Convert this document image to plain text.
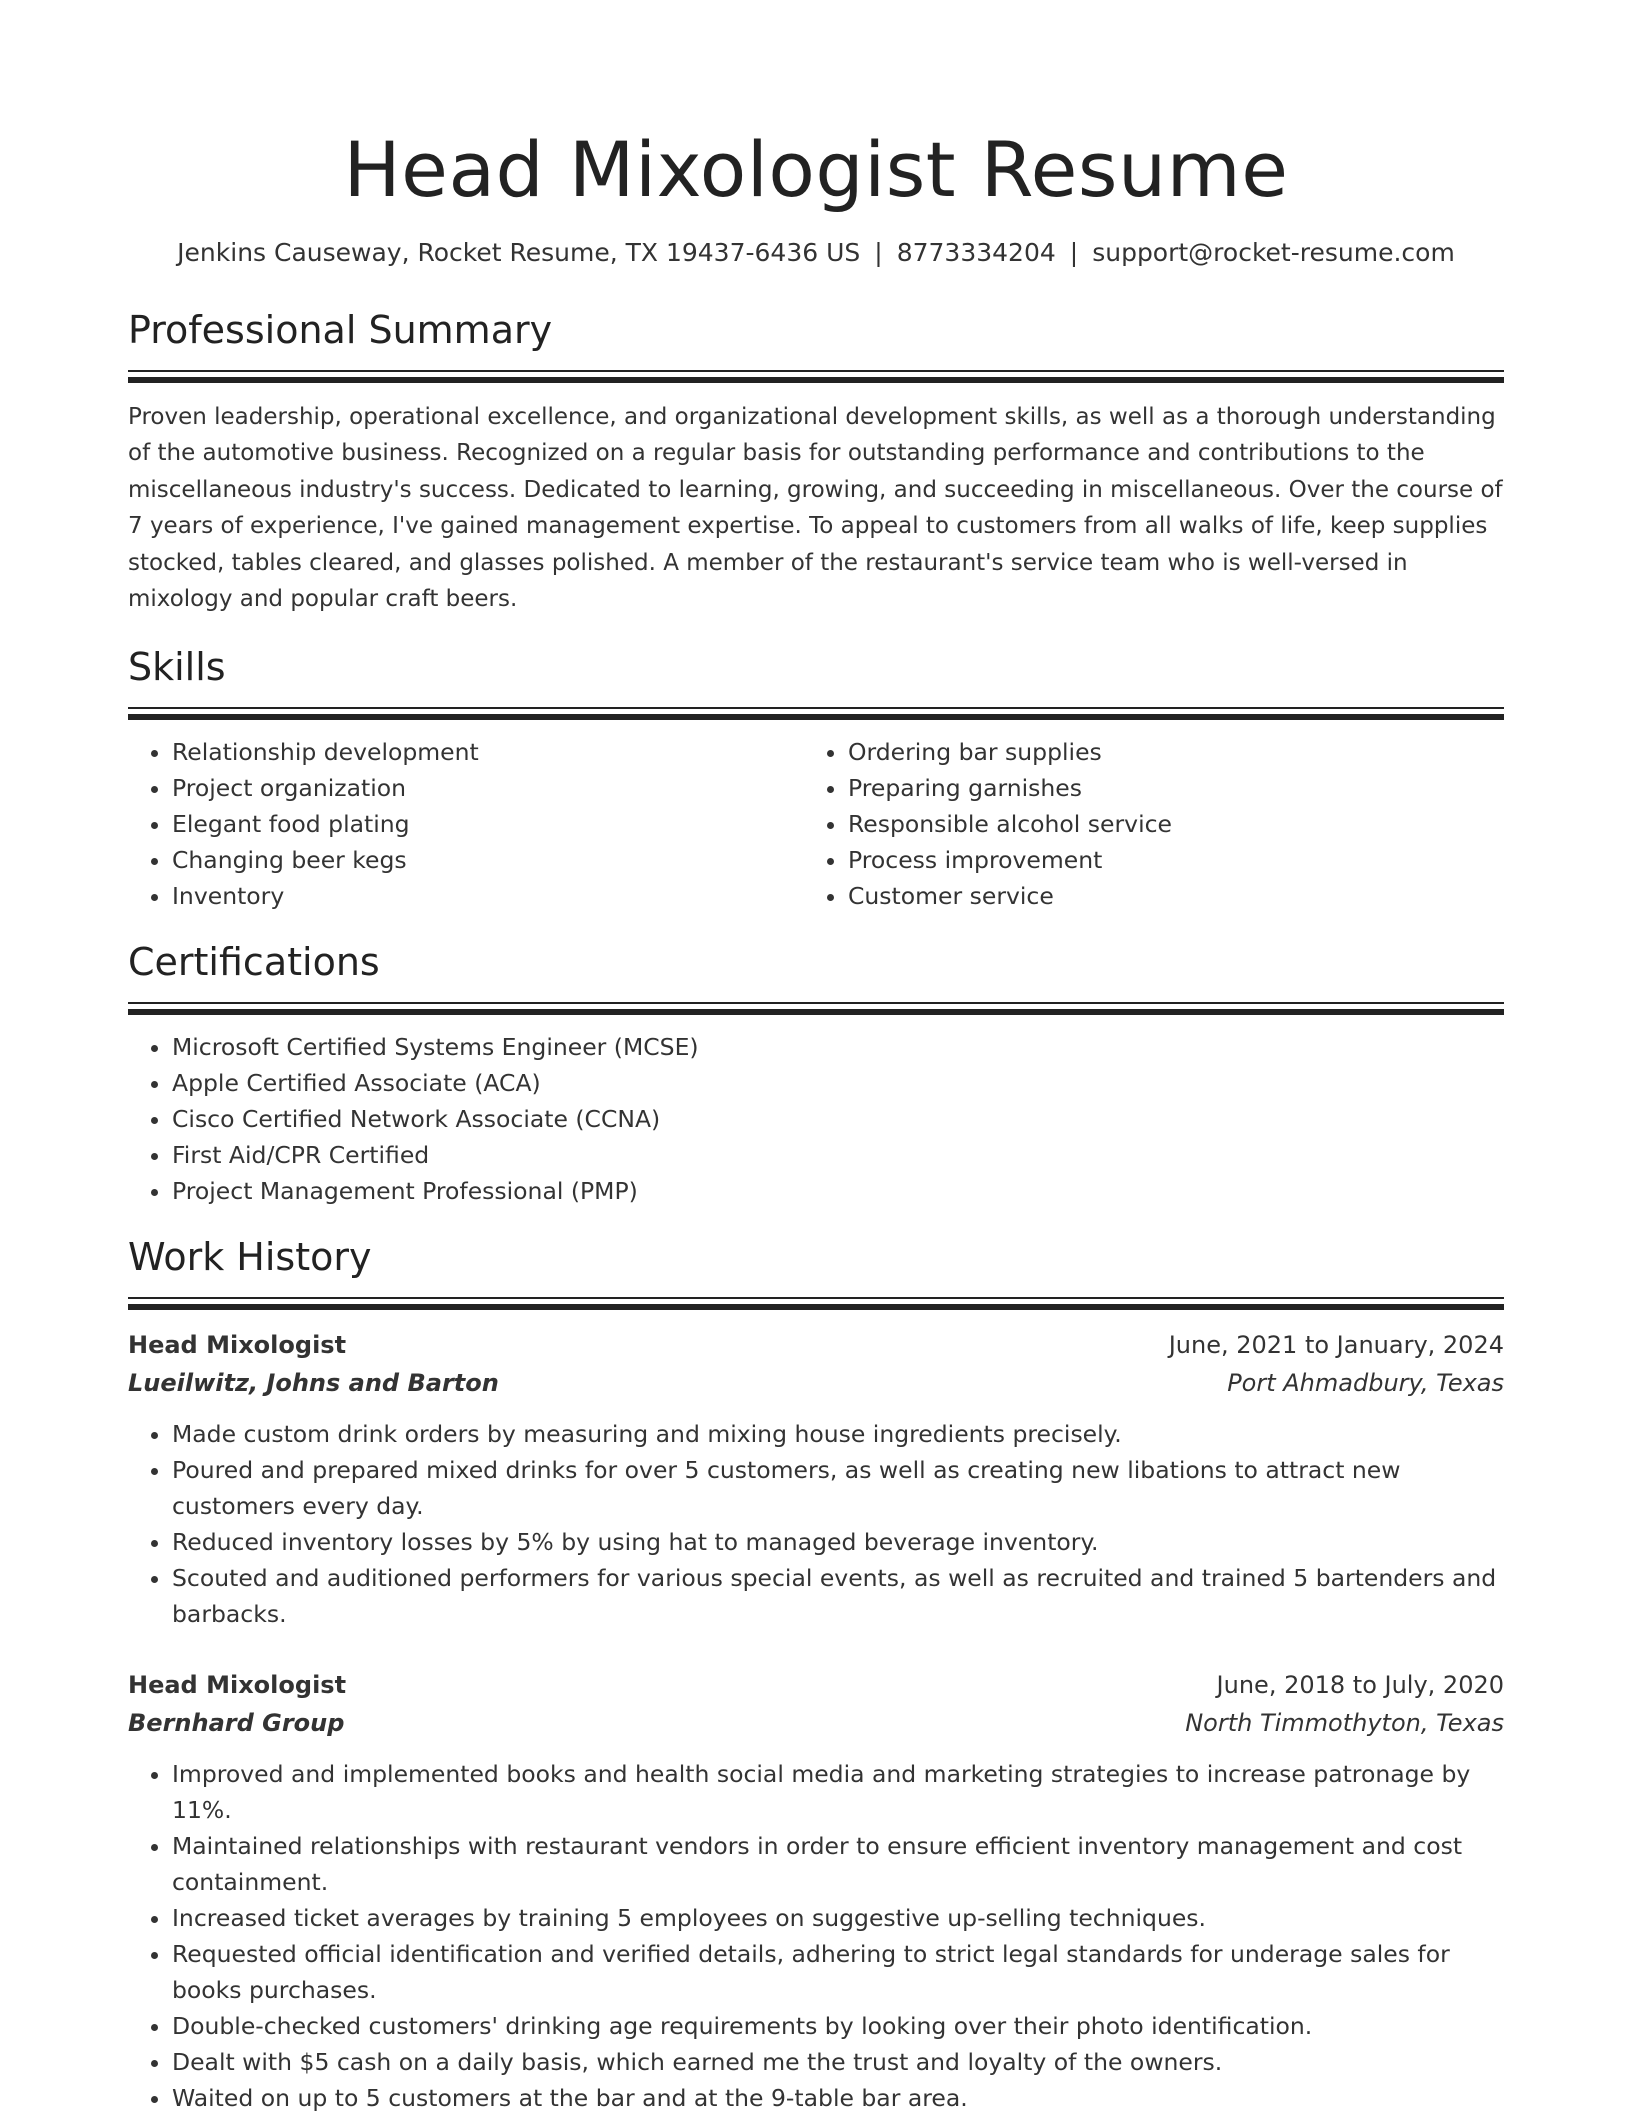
Head Mixologist Resume
Jenkins Causeway, Rocket Resume, TX 19437-6436 US | 8773334204 | support@rocket-resume.com
Professional Summary

Proven leadership, operational excellence, and organizational development skills, as well as a thorough understanding of the automotive business. Recognized on a regular basis for outstanding performance and contributions to the miscellaneous industry's success. Dedicated to learning, growing, and succeeding in miscellaneous. Over the course of 7 years of experience, I've gained management expertise. To appeal to customers from all walks of life, keep supplies stocked, tables cleared, and glasses polished. A member of the restaurant's service team who is well-versed in mixology and popular craft beers.

Skills
• Relationship development
• Project organization
• Elegant food plating
• Changing beer kegs
• Inventory
• Ordering bar supplies
• Preparing garnishes
• Responsible alcohol service
• Process improvement
• Customer service
Certifications
• Microsoft Certified Systems Engineer (MCSE)
• Apple Certified Associate (ACA)
• Cisco Certified Network Associate (CCNA)
• First Aid/CPR Certified
• Project Management Professional (PMP)
Work History
Head Mixologist	June, 2021 to January, 2024
Lueilwitz, Johns and Barton	Port Ahmadbury, Texas
• Made custom drink orders by measuring and mixing house ingredients precisely.
• Poured and prepared mixed drinks for over 5 customers, as well as creating new libations to attract new customers every day.
• Reduced inventory losses by 5% by using hat to managed beverage inventory.
• Scouted and auditioned performers for various special events, as well as recruited and trained 5 bartenders and barbacks.
Head Mixologist	June, 2018 to July, 2020
Bernhard Group	North Timmothyton, Texas
• Improved and implemented books and health social media and marketing strategies to increase patronage by 11%.
• Maintained relationships with restaurant vendors in order to ensure efficient inventory management and cost containment.
• Increased ticket averages by training 5 employees on suggestive up-selling techniques.
• Requested official identification and verified details, adhering to strict legal standards for underage sales for books purchases.
• Double-checked customers' drinking age requirements by looking over their photo identification.
• Dealt with $5 cash on a daily basis, which earned me the trust and loyalty of the owners.
• Waited on up to 5 customers at the bar and at the 9-table bar area.
